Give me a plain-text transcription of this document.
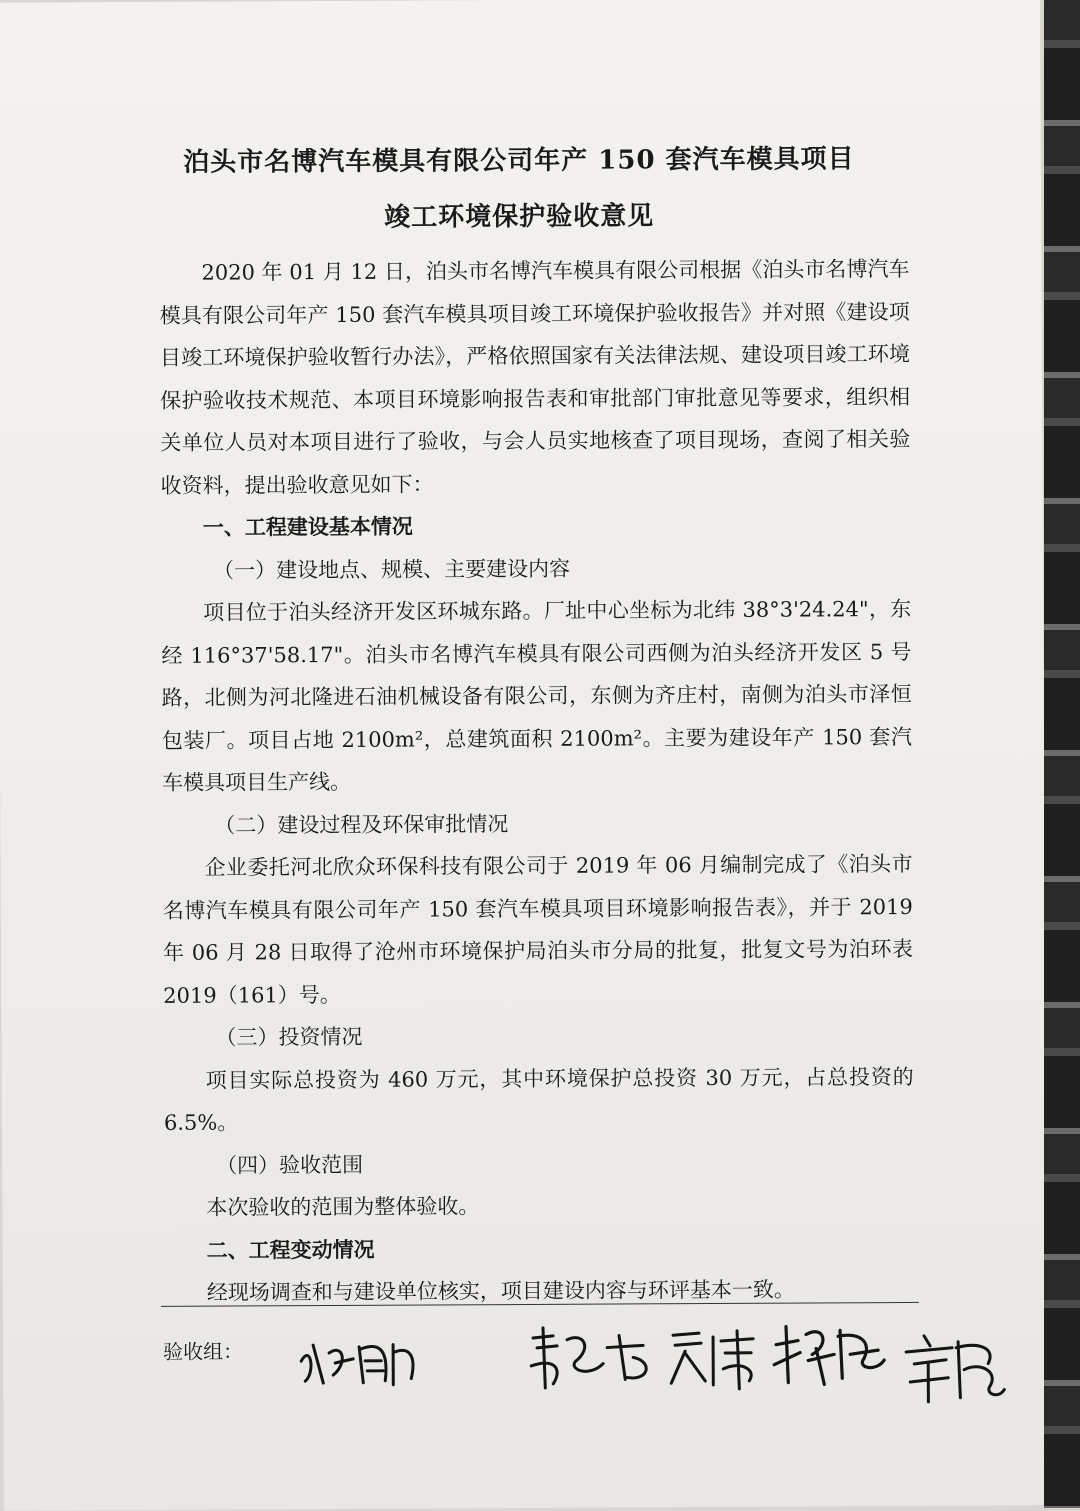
泊头市名博汽车模具有限公司年产 150 套汽车模具项目
竣工环境保护验收意见

2020 年 01 月 12 日，泊头市名博汽车模具有限公司根据《泊头市名博汽车模具有限公司年产 150 套汽车模具项目竣工环境保护验收报告》并对照《建设项目竣工环境保护验收暂行办法》，严格依照国家有关法律法规、建设项目竣工环境保护验收技术规范、本项目环境影响报告表和审批部门审批意见等要求，组织相关单位人员对本项目进行了验收，与会人员实地核查了项目现场，查阅了相关验收资料，提出验收意见如下：

一、工程建设基本情况

（一）建设地点、规模、主要建设内容

项目位于泊头经济开发区环城东路。厂址中心坐标为北纬 38°3'24.24"，东经 116°37'58.17"。泊头市名博汽车模具有限公司西侧为泊头经济开发区 5 号路，北侧为河北隆进石油机械设备有限公司，东侧为齐庄村，南侧为泊头市泽恒包装厂。项目占地 2100m²，总建筑面积 2100m²。主要为建设年产 150 套汽车模具项目生产线。

（二）建设过程及环保审批情况

企业委托河北欣众环保科技有限公司于 2019 年 06 月编制完成了《泊头市名博汽车模具有限公司年产 150 套汽车模具项目环境影响报告表》，并于 2019 年 06 月 28 日取得了沧州市环境保护局泊头市分局的批复，批复文号为泊环表 2019（161）号。

（三）投资情况

项目实际总投资为 460 万元，其中环境保护总投资 30 万元，占总投资的 6.5%。

（四）验收范围

本次验收的范围为整体验收。

二、工程变动情况

经现场调查和与建设单位核实，项目建设内容与环评基本一致。

验收组：
